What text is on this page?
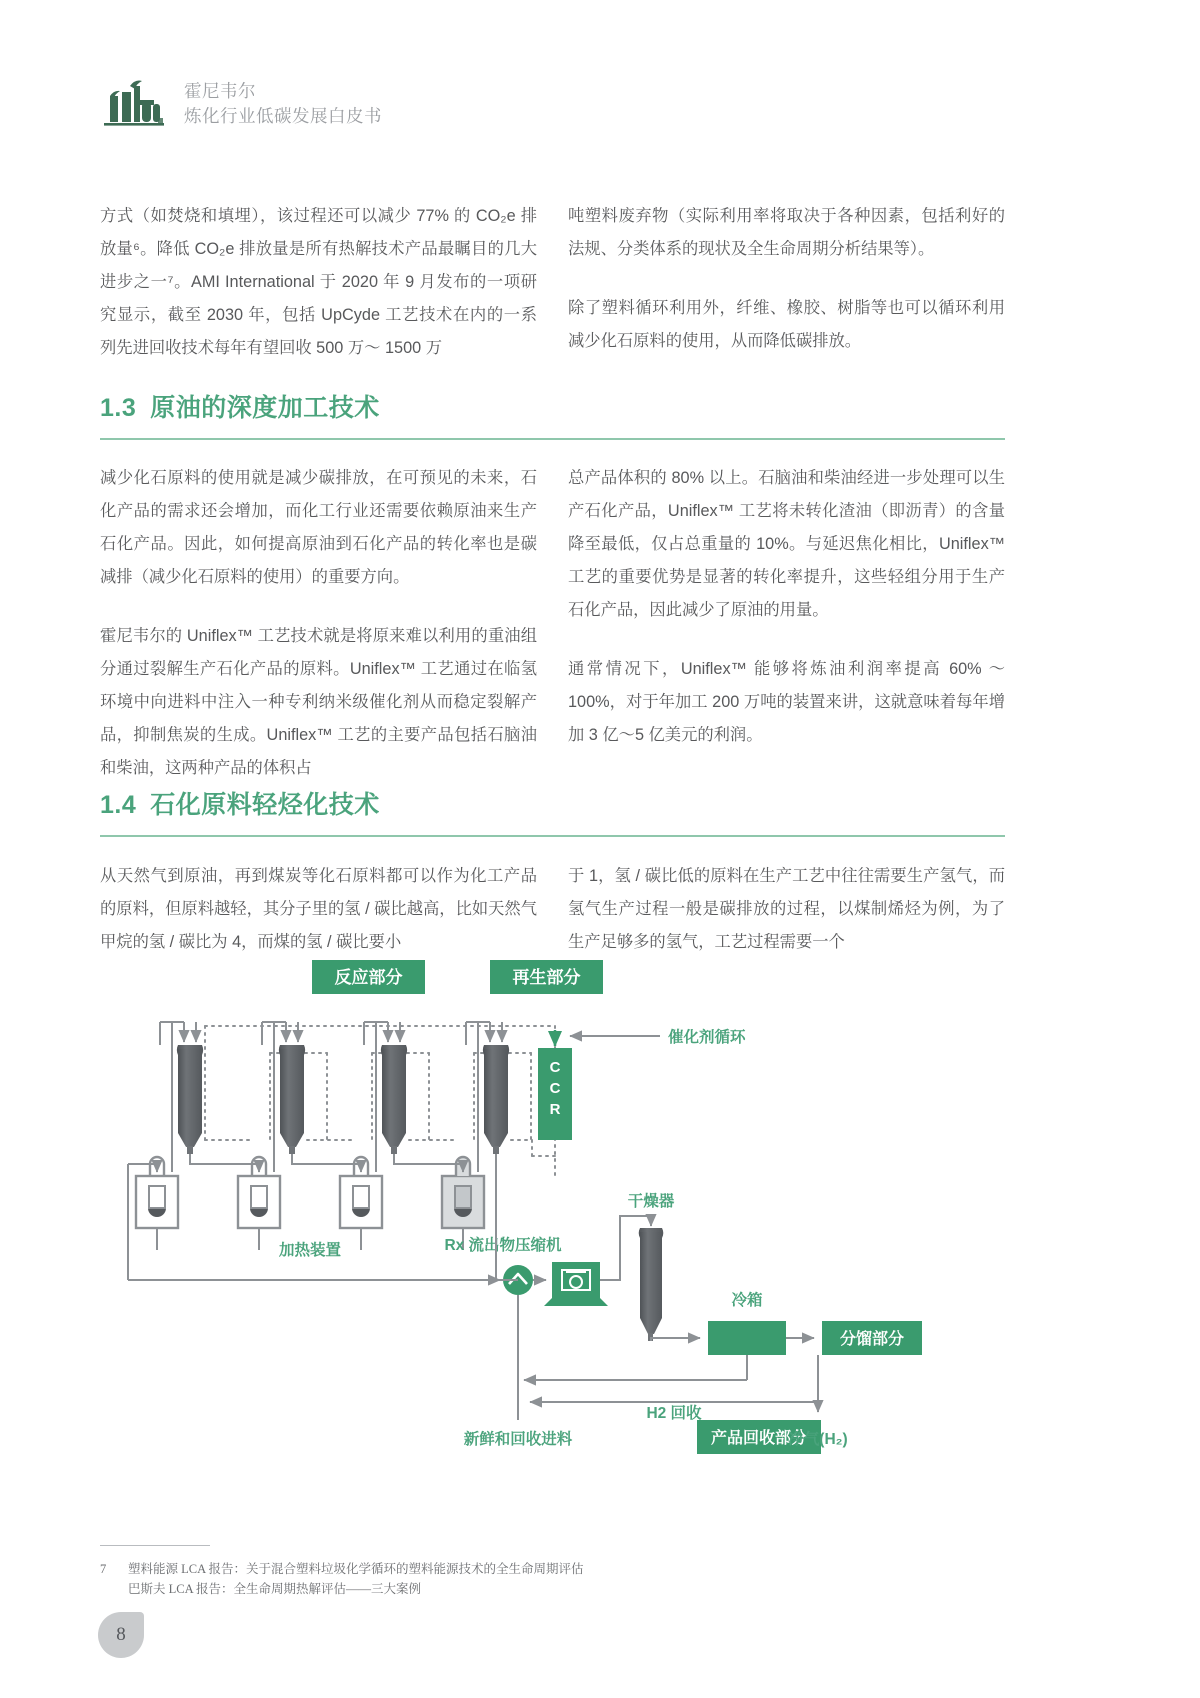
霍尼韦尔
炼化行业低碳发展白皮书

方式（如焚烧和填埋），该过程还可以减少 77% 的 CO₂e 排放量⁶。降低 CO₂e 排放量是所有热解技术产品最瞩目的几大进步之一⁷。AMI International 于 2020 年 9 月发布的一项研究显示，截至 2030 年，包括 UpCyde 工艺技术在内的一系列先进回收技术每年有望回收 500 万～ 1500 万

吨塑料废弃物（实际利用率将取决于各种因素，包括利好的法规、分类体系的现状及全生命周期分析结果等）。

除了塑料循环利用外，纤维、橡胶、树脂等也可以循环利用减少化石原料的使用，从而降低碳排放。

1.3 原油的深度加工技术

减少化石原料的使用就是减少碳排放，在可预见的未来，石化产品的需求还会增加，而化工行业还需要依赖原油来生产石化产品。因此，如何提高原油到石化产品的转化率也是碳减排（减少化石原料的使用）的重要方向。

霍尼韦尔的 Uniflex™ 工艺技术就是将原来难以利用的重油组分通过裂解生产石化产品的原料。Uniflex™ 工艺通过在临氢环境中向进料中注入一种专利纳米级催化剂从而稳定裂解产品，抑制焦炭的生成。Uniflex™ 工艺的主要产品包括石脑油和柴油，这两种产品的体积占

总产品体积的 80% 以上。石脑油和柴油经进一步处理可以生产石化产品，Uniflex™ 工艺将未转化渣油（即沥青）的含量降至最低，仅占总重量的 10%。与延迟焦化相比，Uniflex™ 工艺的重要优势是显著的转化率提升，这些轻组分用于生产石化产品，因此减少了原油的用量。

通常情况下，Uniflex™ 能够将炼油利润率提高 60% ～ 100%，对于年加工 200 万吨的装置来讲，这就意味着每年增加 3 亿～5 亿美元的利润。

1.4 石化原料轻烃化技术

从天然气到原油，再到煤炭等化石原料都可以作为化工产品的原料，但原料越轻，其分子里的氢 / 碳比越高，比如天然气甲烷的氢 / 碳比为 4，而煤的氢 / 碳比要小

于 1，氢 / 碳比低的原料在生产工艺中往往需要生产氢气，而氢气生产过程一般是碳排放的过程，以煤制烯烃为例，为了生产足够多的氢气，工艺过程需要一个

反应部分	再生部分
催化剂循环
C
C
R
加热装置	Rx 流出物压缩机
干燥器
冷箱
分馏部分
产品回收部分
H2 回收
新鲜和回收进料	净气(H₂)
7	塑料能源 LCA 报告：关于混合塑料垃圾化学循环的塑料能源技术的全生命周期评估
巴斯夫 LCA 报告：全生命周期热解评估——三大案例
8
